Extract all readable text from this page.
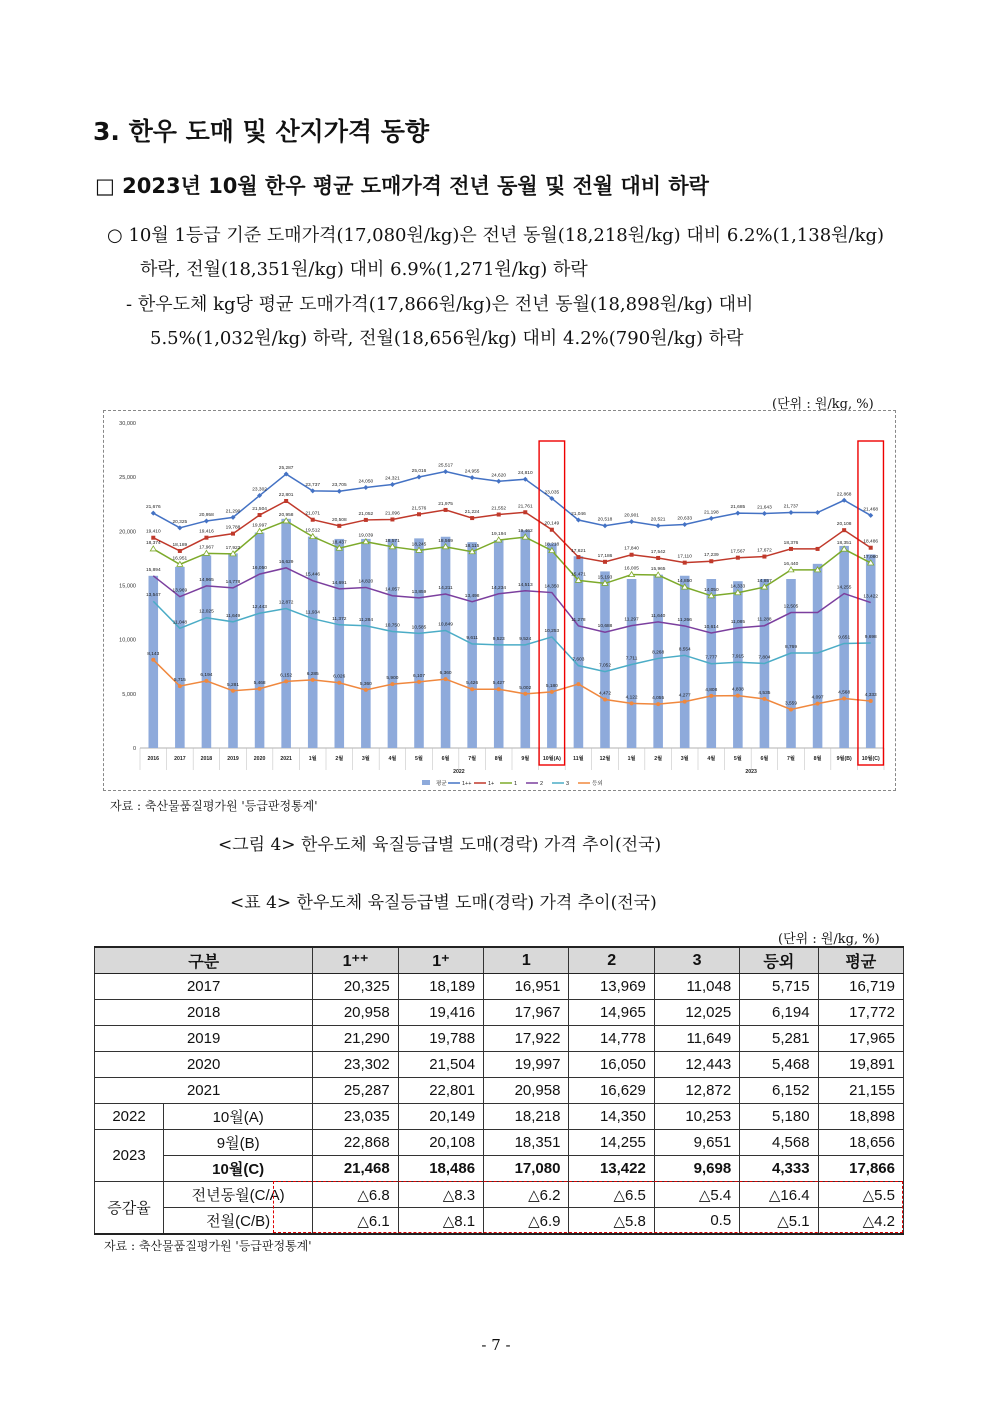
3. 한우 도매 및 산지가격 동향
□ 2023년 10월 한우 평균 도매가격 전년 동월 및 전월 대비 하락
○ 10월 1등급 기준 도매가격(17,080원/kg)은 전년 동월(18,218원/kg) 대비 6.2%(1,138원/kg)
하락, 전월(18,351원/kg) 대비 6.9%(1,271원/kg) 하락
- 한우도체 kg당 평균 도매가격(17,866원/kg)은 전년 동월(18,898원/kg) 대비
5.5%(1,032원/kg) 하락, 전월(18,656원/kg) 대비 4.2%(790원/kg) 하락
(단위 : 원/kg, %)
0
5,000
10,000
15,000
20,000
25,000
30,000
21,676
20,325
20,958
21,290
23,302
25,287
23,737 23,705
24,050
24,321
25,016
25,517
24,955
24,620 24,810
23,035
21,046
20,518
20,901
20,521 20,633
21,198
21,685 21,643 21,737
22,868
21,468
19,410
18,189
19,416
19,788
21,504
22,801
21,071
20,508
21,052 21,096
21,576
21,975
21,224
21,552 21,761
20,149
17,621
17,186
17,840
17,542
17,110	17,239
17,567 17,672
18,376
20,108
18,486
18,374
16,951
17,967 17,922
19,997
20,958
19,512
18,437
19,039
18,571
18,245
18,569
18,115
19,194
19,462
18,218
15,471
15,193
16,005 15,965
14,850
14,050
14,333
14,857
16,440
18,351
17,080
15,894
13,969
14,965 14,778
16,050
16,629
15,446
14,691 14,820
14,057 13,859
14,211
13,498
14,234
14,513 14,350
11,278
10,688
11,297
11,640
11,266
10,614
11,085	11,288
12,505
14,255
13,422
13,547
11,048
12,025
11,649
12,443
12,872
11,934
11,372	11,284
10,750 10,585
10,849
9,611	9,523	9,524
10,253
7,603
7,052
7,711
8,268
8,554
7,777	7,915	7,804
8,769
9,651	9,698
8,143
5,715
6,194
5,281	5,468
6,152	6,285
6,026
5,360
5,900	6,107
6,360
5,426	5,427
5,002	5,180
4,472
4,122	4,055	4,277
4,808	4,838
4,535
3,559
4,097
4,568
4,333
2016	2017	2018	2019	2020	2021	1월	2월	3월	4월	5월	6월	7월	8월	9월	10월(A) 11월	12월	1월	2월	3월	4월	5월	6월	7월	8월	9월(B) 10월(C)
2022	2023
평균	1++	1+	1	2	3	등외
자료 : 축산물품질평가원 '등급판정통계'
<그림 4> 한우도체 육질등급별 도매(경락) 가격 추이(전국)
<표 4> 한우도체 육질등급별 도매(경락) 가격 추이(전국)
(단위 : 원/kg, %)
구분		1⁺⁺	1⁺	1	2	3	등외	평균
2017		20,325	18,189	16,951	13,969	11,048	5,715	16,719
2018		20,958	19,416	17,967	14,965	12,025	6,194	17,772
2019		21,290	19,788	17,922	14,778	11,649	5,281	17,965
2020		23,302	21,504	19,997	16,050	12,443	5,468	19,891
2021		25,287	22,801	20,958	16,629	12,872	6,152	21,155
2022	10월(A)	23,035	20,149	18,218	14,350	10,253	5,180	18,898
2023	9월(B)	22,868	20,108	18,351	14,255	9,651	4,568	18,656
	10월(C)	21,468	18,486	17,080	13,422	9,698	4,333	17,866
증감율	전년동월(C/A)	△6.8	△8.3	△6.2	△6.5	△5.4	△16.4	△5.5
	전월(C/B)	△6.1	△8.1	△6.9	△5.8	0.5	△5.1	△4.2
자료 : 축산물품질평가원 '등급판정통계'
- 7 -
